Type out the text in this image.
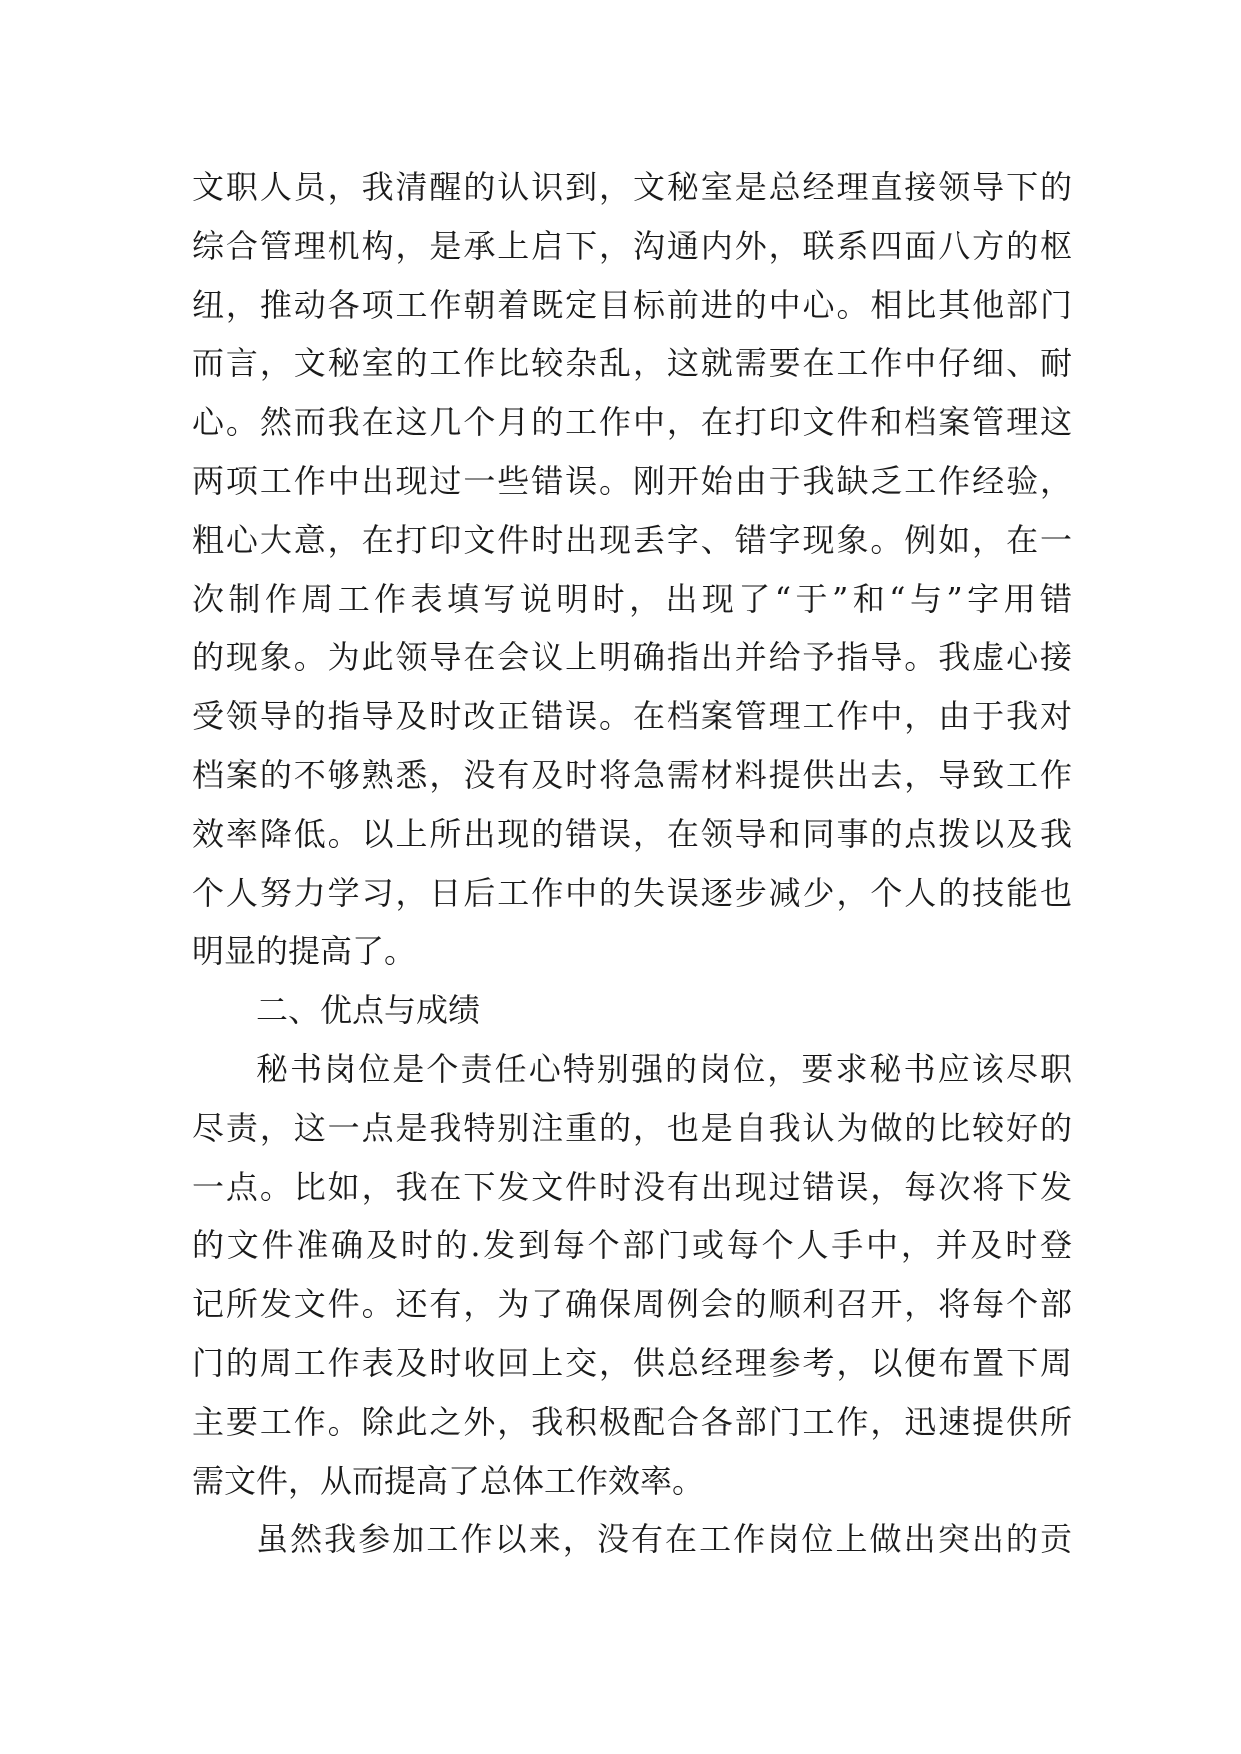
文职人员，我清醒的认识到，文秘室是总经理直接领导下的
综合管理机构，是承上启下，沟通内外，联系四面八方的枢
纽，推动各项工作朝着既定目标前进的中心。相比其他部门
而言，文秘室的工作比较杂乱，这就需要在工作中仔细、耐
心。然而我在这几个月的工作中，在打印文件和档案管理这
两项工作中出现过一些错误。刚开始由于我缺乏工作经验，
粗心大意，在打印文件时出现丢字、错字现象。例如，在一
次制作周工作表填写说明时，出现了“于”和“与”字用错
的现象。为此领导在会议上明确指出并给予指导。我虚心接
受领导的指导及时改正错误。在档案管理工作中，由于我对
档案的不够熟悉，没有及时将急需材料提供出去，导致工作
效率降低。以上所出现的错误，在领导和同事的点拨以及我
个人努力学习，日后工作中的失误逐步减少，个人的技能也
明显的提高了。
二、优点与成绩
秘书岗位是个责任心特别强的岗位，要求秘书应该尽职
尽责，这一点是我特别注重的，也是自我认为做的比较好的
一点。比如，我在下发文件时没有出现过错误，每次将下发
的文件准确及时的.发到每个部门或每个人手中，并及时登
记所发文件。还有，为了确保周例会的顺利召开，将每个部
门的周工作表及时收回上交，供总经理参考，以便布置下周
主要工作。除此之外，我积极配合各部门工作，迅速提供所
需文件，从而提高了总体工作效率。
虽然我参加工作以来，没有在工作岗位上做出突出的贡
